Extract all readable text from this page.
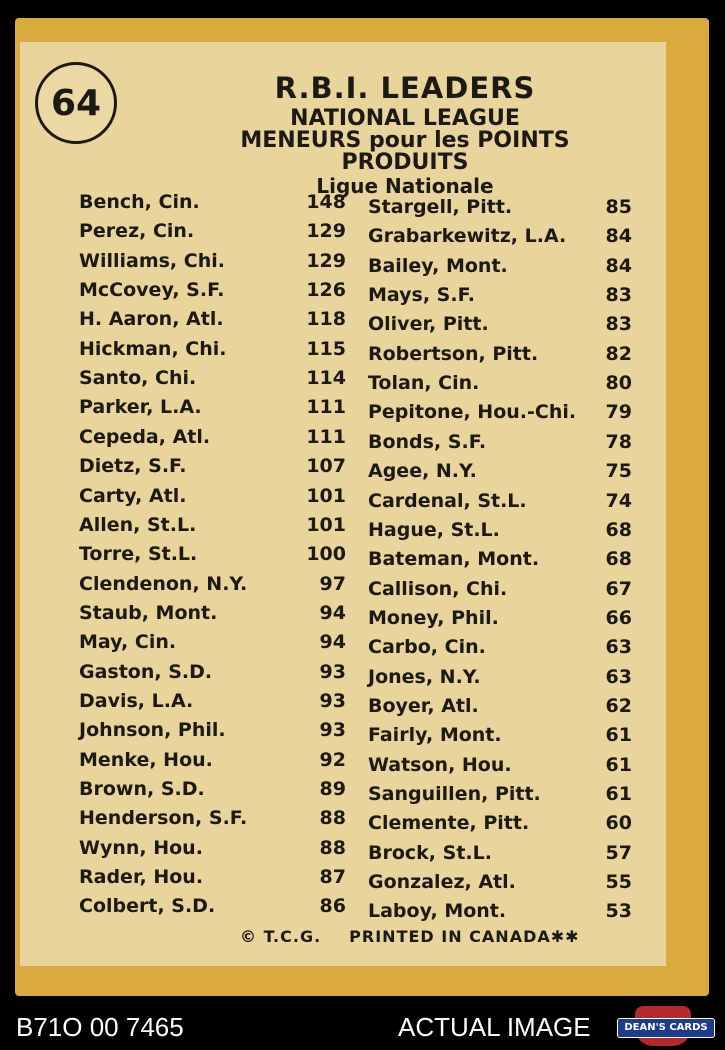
64	R.B.I. LEADERS
NATIONAL LEAGUE
MENEURS pour les POINTS
PRODUITS
Ligue Nationale
Bench, Cin.	148
Perez, Cin.	129
Williams, Chi.	129
McCovey, S.F.	126
H. Aaron, Atl.	118
Hickman, Chi.	115
Santo, Chi.	114
Parker, L.A.	111
Cepeda, Atl.	111
Dietz, S.F.	107
Carty, Atl.	101
Allen, St.L.	101
Torre, St.L.	100
Clendenon, N.Y.	97
Staub, Mont.	94
May, Cin.	94
Gaston, S.D.	93
Davis, L.A.	93
Johnson, Phil.	93
Menke, Hou.	92
Brown, S.D.	89
Henderson, S.F.	88
Wynn, Hou.	88
Rader, Hou.	87
Colbert, S.D.	86
Stargell, Pitt.	85
Grabarkewitz, L.A.	84
Bailey, Mont.	84
Mays, S.F.	83
Oliver, Pitt.	83
Robertson, Pitt.	82
Tolan, Cin.	80
Pepitone, Hou.-Chi.	79
Bonds, S.F.	78
Agee, N.Y.	75
Cardenal, St.L.	74
Hague, St.L.	68
Bateman, Mont.	68
Callison, Chi.	67
Money, Phil.	66
Carbo, Cin.	63
Jones, N.Y.	63
Boyer, Atl.	62
Fairly, Mont.	61
Watson, Hou.	61
Sanguillen, Pitt.	61
Clemente, Pitt.	60
Brock, St.L.	57
Gonzalez, Atl.	55
Laboy, Mont.	53
© T.C.G. PRINTED IN CANADA✱✱
B71O 00 7465	ACTUAL IMAGE	DEAN'S CARDS
